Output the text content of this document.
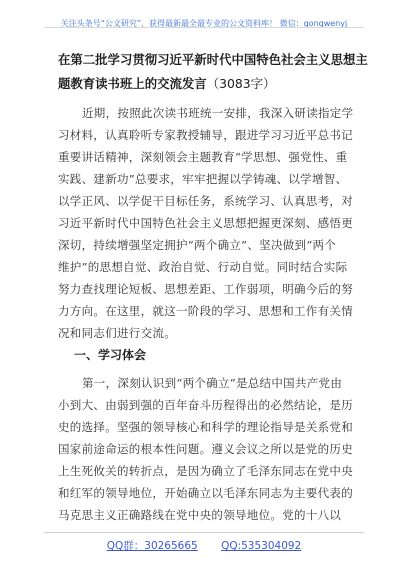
关注头条号“公文研究”，获得最新最全最专业的公文资料库！ 微信：gongwenyj
在第二批学习贯彻习近平新时代中国特色社会主义思想主
题教育读书班上的交流发言（3083字）
近期，按照此次读书班统一安排，我深入研读指定学
习材料，认真聆听专家教授辅导，跟进学习习近平总书记
重要讲话精神，深刻领会主题教育“学思想、强党性、重
实践、建新功”总要求，牢牢把握以学铸魂、以学增智、
以学正风、以学促干目标任务，系统学习、认真思考，对
习近平新时代中国特色社会主义思想把握更深刻、感悟更
深切，持续增强坚定拥护“两个确立”、坚决做到“两个
维护”的思想自觉、政治自觉、行动自觉。同时结合实际
努力查找理论短板、思想差距、工作弱项，明确今后的努
力方向。在这里，就这一阶段的学习、思想和工作有关情
况和同志们进行交流。
一、学习体会
第一，深刻认识到“两个确立”是总结中国共产党由
小到大、由弱到强的百年奋斗历程得出的必然结论，是历
史的选择。坚强的领导核心和科学的理论指导是关系党和
国家前途命运的根本性问题。遵义会议之所以是党的历史
上生死攸关的转折点，是因为确立了毛泽东同志在党中央
和红军的领导地位，开始确立以毛泽东同志为主要代表的
马克思主义正确路线在党中央的领导地位。党的十八以
QQ群：30265665 QQ:535304092
